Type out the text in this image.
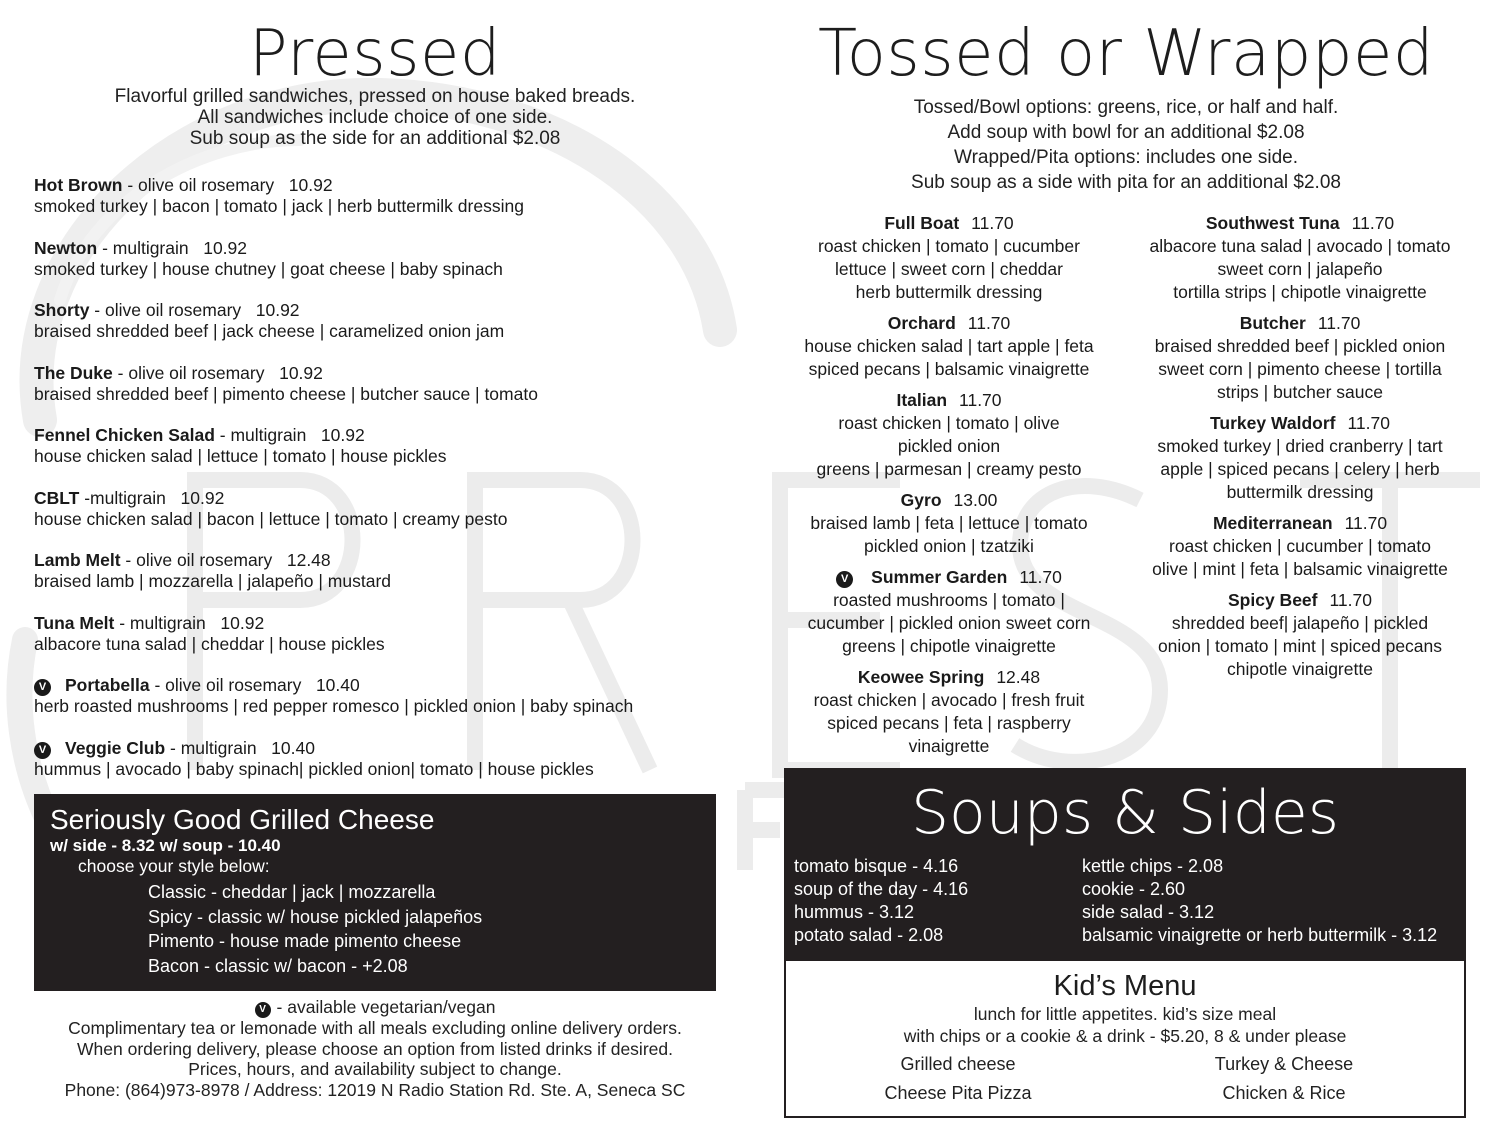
Pressed
Flavorful grilled sandwiches, pressed on house baked breads.
All sandwiches include choice of one side.
Sub soup as the side for an additional $2.08
Hot Brown - olive oil rosemary 10.92
smoked turkey | bacon | tomato | jack | herb buttermilk dressing
Newton - multigrain 10.92
smoked turkey | house chutney | goat cheese | baby spinach
Shorty - olive oil rosemary 10.92
braised shredded beef | jack cheese | caramelized onion jam
The Duke - olive oil rosemary 10.92
braised shredded beef | pimento cheese | butcher sauce | tomato
Fennel Chicken Salad - multigrain 10.92
house chicken salad | lettuce | tomato | house pickles
CBLT -multigrain 10.92
house chicken salad | bacon | lettuce | tomato | creamy pesto
Lamb Melt - olive oil rosemary 12.48
braised lamb | mozzarella | jalapeño | mustard
Tuna Melt - multigrain 10.92
albacore tuna salad | cheddar | house pickles
V Portabella - olive oil rosemary 10.40
herb roasted mushrooms | red pepper romesco | pickled onion | baby spinach
V Veggie Club - multigrain 10.40
hummus | avocado | baby spinach| pickled onion| tomato | house pickles
Seriously Good Grilled Cheese
w/ side - 8.32 w/ soup - 10.40
choose your style below:
Classic - cheddar | jack | mozzarella
Spicy - classic w/ house pickled jalapeños
Pimento - house made pimento cheese
Bacon - classic w/ bacon - +2.08
V - available vegetarian/vegan
Complimentary tea or lemonade with all meals excluding online delivery orders.
When ordering delivery, please choose an option from listed drinks if desired.
Prices, hours, and availability subject to change.
Phone: (864)973-8978 / Address: 12019 N Radio Station Rd. Ste. A, Seneca SC
Tossed or Wrapped
Tossed/Bowl options: greens, rice, or half and half.
Add soup with bowl for an additional $2.08
Wrapped/Pita options: includes one side.
Sub soup as a side with pita for an additional $2.08
Full Boat 11.70
roast chicken | tomato | cucumber
lettuce | sweet corn | cheddar
herb buttermilk dressing
Orchard 11.70
house chicken salad | tart apple | feta
spiced pecans | balsamic vinaigrette
Italian 11.70
roast chicken | tomato | olive
pickled onion
greens | parmesan | creamy pesto
Gyro 13.00
braised lamb | feta | lettuce | tomato
pickled onion | tzatziki
V Summer Garden 11.70
roasted mushrooms | tomato |
cucumber | pickled onion sweet corn
greens | chipotle vinaigrette
Keowee Spring 12.48
roast chicken | avocado | fresh fruit
spiced pecans | feta | raspberry
vinaigrette
Southwest Tuna 11.70
albacore tuna salad | avocado | tomato
sweet corn | jalapeño
tortilla strips | chipotle vinaigrette
Butcher 11.70
braised shredded beef | pickled onion
sweet corn | pimento cheese | tortilla
strips | butcher sauce
Turkey Waldorf 11.70
smoked turkey | dried cranberry | tart
apple | spiced pecans | celery | herb
buttermilk dressing
Mediterranean 11.70
roast chicken | cucumber | tomato
olive | mint | feta | balsamic vinaigrette
Spicy Beef 11.70
shredded beef| jalapeño | pickled
onion | tomato | mint | spiced pecans
chipotle vinaigrette
Soups & Sides
tomato bisque - 4.16
soup of the day - 4.16
hummus - 3.12
potato salad - 2.08
kettle chips - 2.08
cookie - 2.60
side salad - 3.12
balsamic vinaigrette or herb buttermilk - 3.12
Kid’s Menu
lunch for little appetites. kid’s size meal
with chips or a cookie & a drink - $5.20, 8 & under please
Grilled cheese	Turkey & Cheese
Cheese Pita Pizza	Chicken & Rice
